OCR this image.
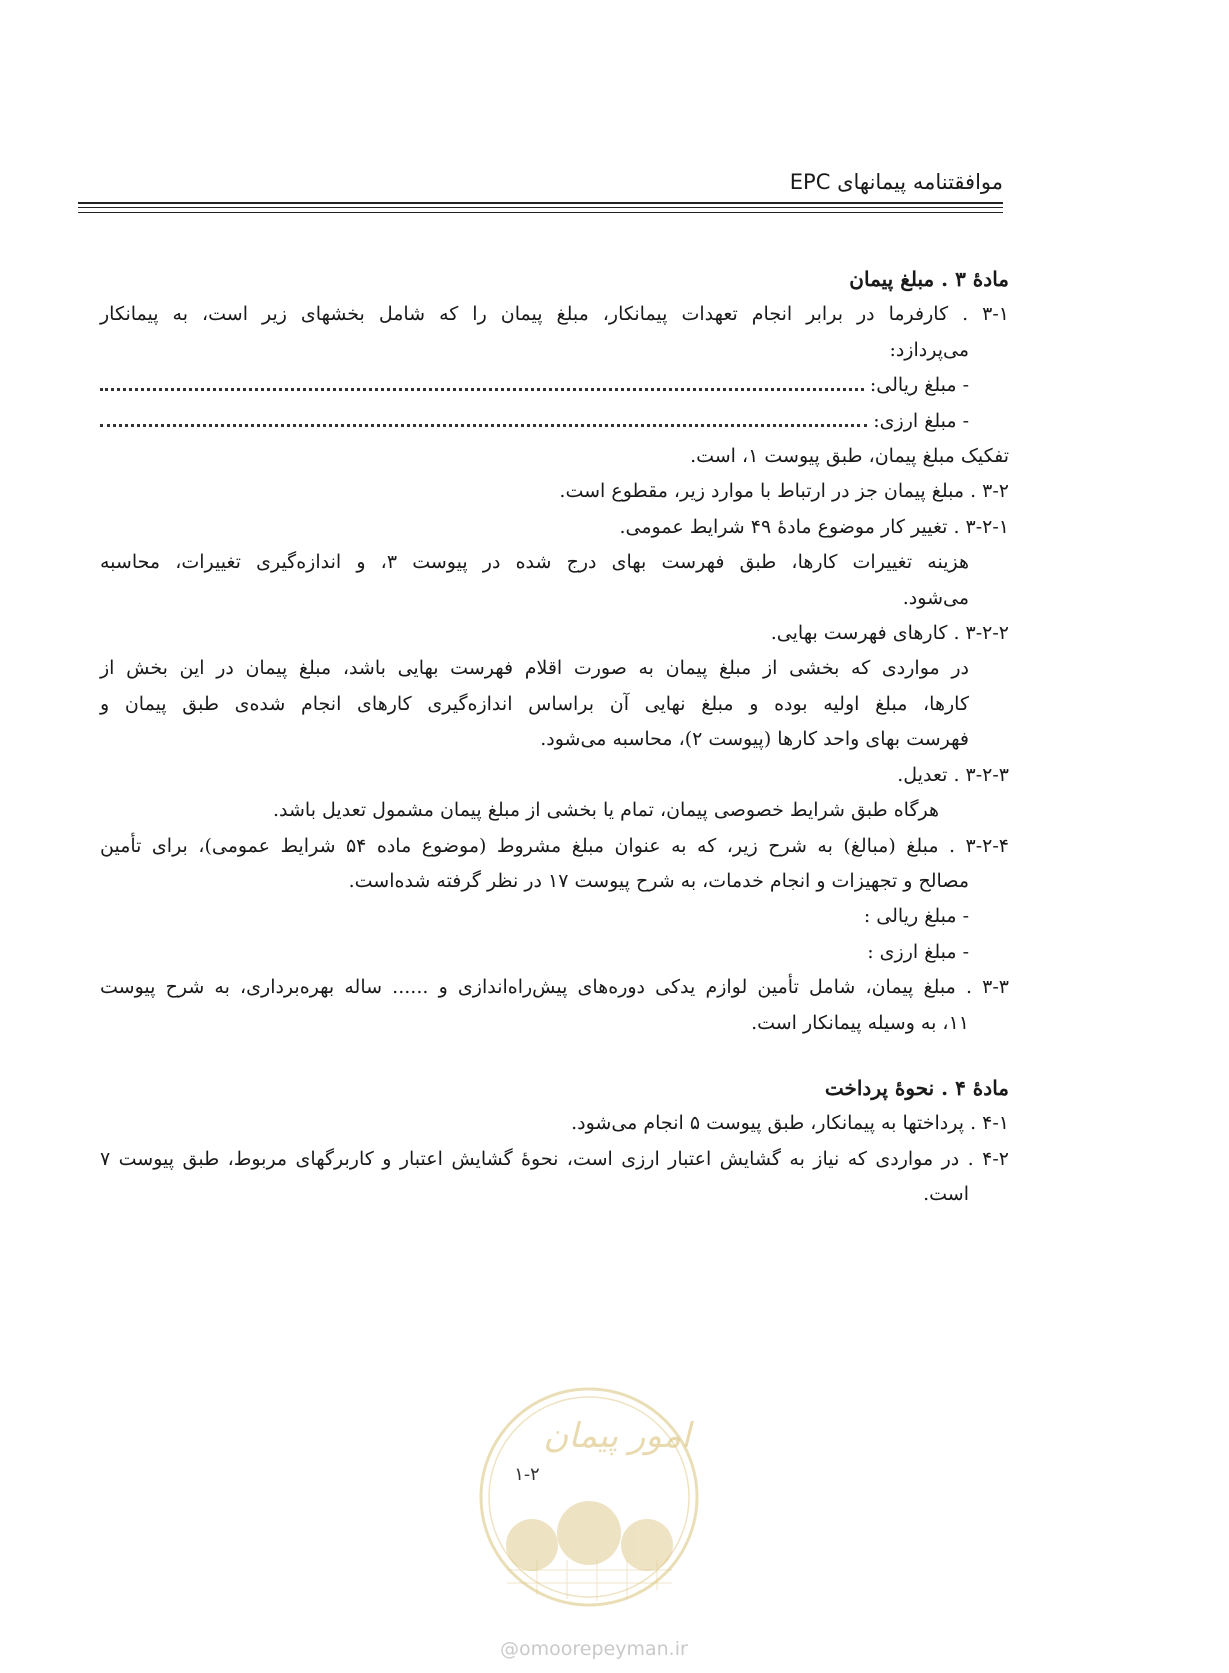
موافقتنامه پیمانهای EPC

مادهٔ ۳ . مبلغ پیمان

۳-۱ . کارفرما در برابر انجام تعهدات پیمانکار، مبلغ پیمان را که شامل بخشهای زیر است، به پیمانکار

می‌پردازد:

- مبلغ ریالی:

- مبلغ ارزی:

تفکیک مبلغ پیمان، طبق پیوست ۱، است.

۳-۲ . مبلغ پیمان جز در ارتباط با موارد زیر، مقطوع است.

۳-۲-۱ . تغییر کار موضوع مادهٔ ۴۹ شرایط عمومی.

هزینه تغییرات کارها، طبق فهرست بهای درج شده در پیوست ۳، و اندازه‌گیری تغییرات، محاسبه

می‌شود.

۳-۲-۲ . کارهای فهرست بهایی.

در مواردی که بخشی از مبلغ پیمان به صورت اقلام فهرست بهایی باشد، مبلغ پیمان در این بخش از

کارها، مبلغ اولیه بوده و مبلغ نهایی آن براساس اندازه‌گیری کارهای انجام شده‌ی طبق پیمان و

فهرست بهای واحد کارها (پیوست ۲)، محاسبه می‌شود.

۳-۲-۳ . تعدیل.

هرگاه طبق شرایط خصوصی پیمان، تمام یا بخشی از مبلغ پیمان مشمول تعدیل باشد.

۳-۲-۴ . مبلغ (مبالغ) به شرح زیر، که به عنوان مبلغ مشروط (موضوع ماده ۵۴ شرایط عمومی)، برای تأمین

مصالح و تجهیزات و انجام خدمات، به شرح پیوست ۱۷ در نظر گرفته شده‌است.

- مبلغ ریالی :

- مبلغ ارزی :

۳-۳ . مبلغ پیمان، شامل تأمین لوازم یدکی دوره‌های پیش‌راه‌اندازی و ...... ساله بهره‌برداری، به شرح پیوست

۱۱، به وسیله پیمانکار است.

مادهٔ ۴ . نحوهٔ پرداخت

۴-۱ . پرداختها به پیمانکار، طبق پیوست ۵ انجام می‌شود.

۴-۲ . در مواردی که نیاز به گشایش اعتبار ارزی است، نحوهٔ گشایش اعتبار و کاربرگهای مربوط، طبق پیوست ۷

است.

امور پیمان
۱-۲
@omoorepeyman.ir
